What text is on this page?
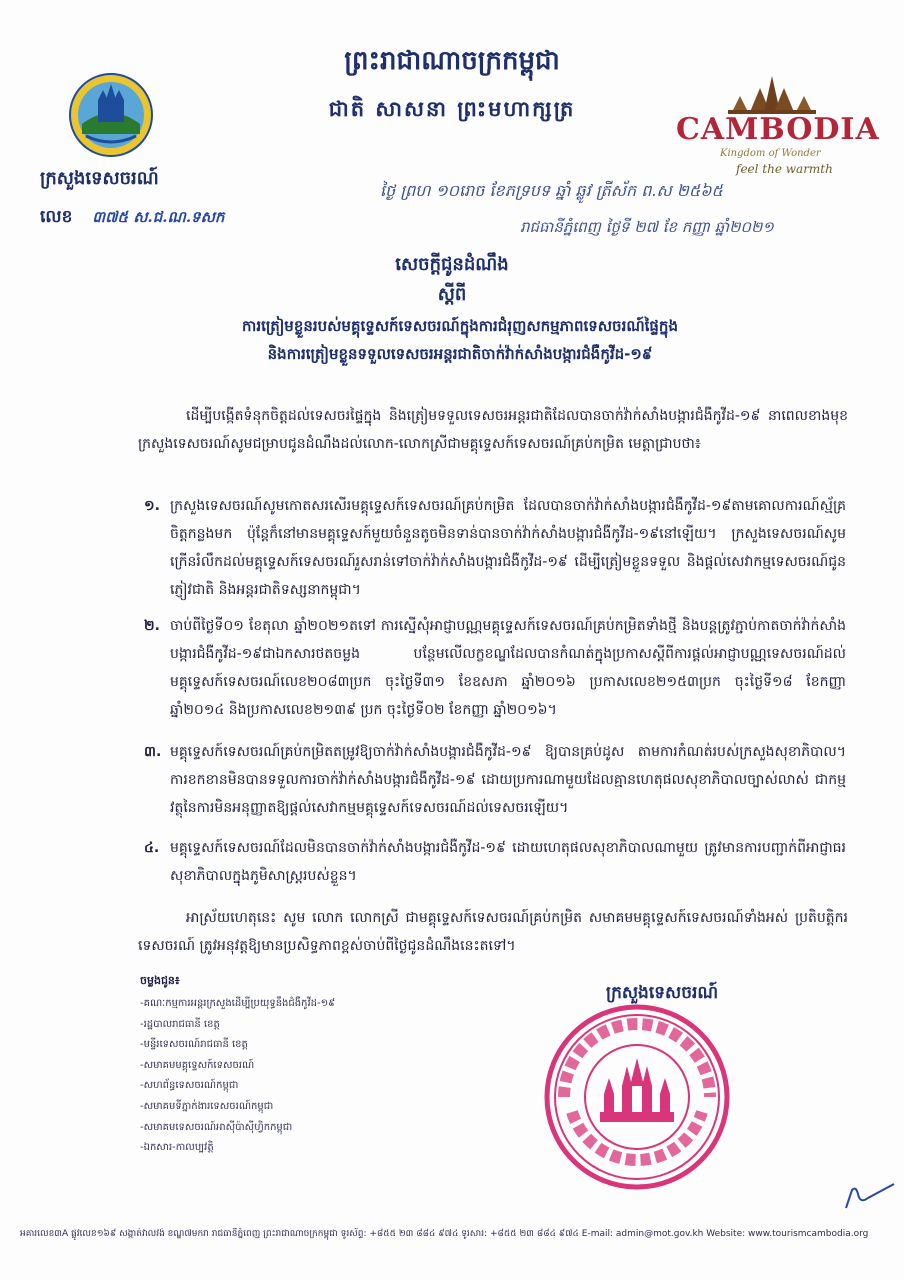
ព្រះរាជាណាចក្រកម្ពុជា
ជាតិ សាសនា ព្រះមហាក្សត្រ
CAMBODIA
Kingdom of Wonder
feel the warmth
ក្រសួងទេសចរណ៍
លេខ ៣៧៥ ស.ជ.ណ.ទសក
ថ្ងៃ ព្រហ ១០រោច ខែភទ្របទ ឆ្នាំ ឆ្លូវ ត្រីស័ក ព.ស ២៥៦៥
រាជធានីភ្នំពេញ ថ្ងៃទី ២៧ ខែ កញ្ញា ឆ្នាំ២០២១
សេចក្តីជូនដំណឹង
ស្តីពី
ការត្រៀមខ្លួនរបស់មគ្គុទ្ទេសក៍ទេសចរណ៍ក្នុងការជំរុញសកម្មភាពទេសចរណ៍ផ្ទៃក្នុង
និងការត្រៀមខ្លួនទទួលទេសចរអន្តរជាតិចាក់វ៉ាក់សាំងបង្ការជំងឺកូវីដ-១៩
ដើម្បីបង្កើតទំនុកចិត្តដល់ទេសចរផ្ទៃក្នុង និងត្រៀមទទួលទេសចរអន្តរជាតិដែលបានចាក់វ៉ាក់សាំងបង្ការជំងឺកូវីដ-១៩ នាពេលខាងមុខ ក្រសួងទេសចរណ៍សូមជម្រាបជូនដំណឹងដល់លោក-លោកស្រីជាមគ្គុទ្ទេសក៍ទេសចរណ៍គ្រប់កម្រិត មេត្តាជ្រាបថា៖
១. ក្រសួងទេសចរណ៍សូមកោតសរសើរមគ្គុទ្ទេសក៍ទេសចរណ៍គ្រប់កម្រិត ដែលបានចាក់វ៉ាក់សាំងបង្ការជំងឺកូវីដ-១៩តាមគោលការណ៍ស្ម័គ្រចិត្តកន្លងមក ប៉ុន្តែក៏នៅមានមគ្គុទ្ទេសក៍មួយចំនួនតូចមិនទាន់បានចាក់វ៉ាក់សាំងបង្ការជំងឺកូវីដ-១៩នៅឡើយ។ ក្រសួងទេសចរណ៍សូមក្រើនរំលឹកដល់មគ្គុទ្ទេសក៍ទេសចរណ៍រួសរាន់ទៅចាក់វ៉ាក់សាំងបង្ការជំងឺកូវីដ-១៩ ដើម្បីត្រៀមខ្លួនទទួល និងផ្តល់សេវាកម្មទេសចរណ៍ជូនភ្ញៀវជាតិ និងអន្តរជាតិទស្សនាកម្ពុជា។
២. ចាប់ពីថ្ងៃទី០១ ខែតុលា ឆ្នាំ២០២១តទៅ ការស្នើសុំអាជ្ញាបណ្ណមគ្គុទ្ទេសក៍ទេសចរណ៍គ្រប់កម្រិតទាំងថ្មី និងបន្តត្រូវភ្ជាប់កាតចាក់វ៉ាក់សាំងបង្ការជំងឺកូវីដ-១៩ជាឯកសារថតចម្លង បន្ថែមលើលក្ខខណ្ឌដែលបានកំណត់ក្នុងប្រកាសស្តីពីការផ្តល់អាជ្ញាបណ្ណទេសចរណ៍ដល់មគ្គុទ្ទេសក៍ទេសចរណ៍លេខ២០៨៣ប្រក ចុះថ្ងៃទី៣១ ខែឧសភា ឆ្នាំ២០១៦ ប្រកាសលេខ២១៥៣ប្រក ចុះថ្ងៃទី១៨ ខែកញ្ញា ឆ្នាំ២០១៤ និងប្រកាសលេខ២១៣៩ ប្រក ចុះថ្ងៃទី០២ ខែកញ្ញា ឆ្នាំ២០១៦។
៣. មគ្គុទ្ទេសក៍ទេសចរណ៍គ្រប់កម្រិតតម្រូវឱ្យចាក់វ៉ាក់សាំងបង្ការជំងឺកូវីដ-១៩ ឱ្យបានគ្រប់ដូស តាមការកំណត់របស់ក្រសួងសុខាភិបាល។ ការខកខានមិនបានទទួលការចាក់វ៉ាក់សាំងបង្ការជំងឺកូវីដ-១៩ ដោយប្រការណាមួយដែលគ្មានហេតុផលសុខាភិបាលច្បាស់លាស់ ជាកម្មវត្ថុនៃការមិនអនុញ្ញាតឱ្យផ្តល់សេវាកម្មមគ្គុទ្ទេសក៍ទេសចរណ៍ដល់ទេសចរឡើយ។
៤. មគ្គុទ្ទេសក៍ទេសចរណ៍ដែលមិនបានចាក់វ៉ាក់សាំងបង្ការជំងឺកូវីដ-១៩ ដោយហេតុផលសុខាភិបាលណាមួយ ត្រូវមានការបញ្ជាក់ពីអាជ្ញាធរសុខាភិបាលក្នុងភូមិសាស្ត្ររបស់ខ្លួន។
អាស្រ័យហេតុនេះ សូម លោក លោកស្រី ជាមគ្គុទ្ទេសក៍ទេសចរណ៍គ្រប់កម្រិត សមាគមមគ្គុទ្ទេសក៍ទេសចរណ៍ទាំងអស់ ប្រតិបត្តិករទេសចរណ៍ ត្រូវអនុវត្តឱ្យមានប្រសិទ្ធភាពខ្ពស់ចាប់ពីថ្ងៃជូនដំណឹងនេះតទៅ។
ចម្លងជូន៖
-គណៈកម្មការអន្តរក្រសួងដើម្បីប្រយុទ្ធនឹងជំងឺកូវីដ-១៩
-រដ្ឋបាលរាជធានី ខេត្ត
-មន្ទីរទេសចរណ៍រាជធានី ខេត្ត
-សមាគមមគ្គុទ្ទេសក៍ទេសចរណ៍
-សហព័ន្ធទេសចរណ៍កម្ពុជា
-សមាគមទីភ្នាក់ងារទេសចរណ៍កម្ពុជា
-សមាគមទេសចរណ៍អាស៊ីប៉ាស៊ីហ្វិកកម្ពុជា
-ឯកសារ-កាលប្បវត្តិ
ក្រសួងទេសចរណ៍
អគារលេខ៣A ផ្លូវលេខ១៦៩ សង្កាត់វាលវង់ ខណ្ឌ៧មករា រាជធានីភ្នំពេញ ព្រះរាជាណាចក្រកម្ពុជា ទូរស័ព្ទ: +៨៥៥ ២៣ ៨៨៤ ៩៧៤ ទូរសារ: +៨៥៥ ២៣ ៨៨៤ ៩៧៤ E-mail: admin@mot.gov.kh Website: www.tourismcambodia.org
